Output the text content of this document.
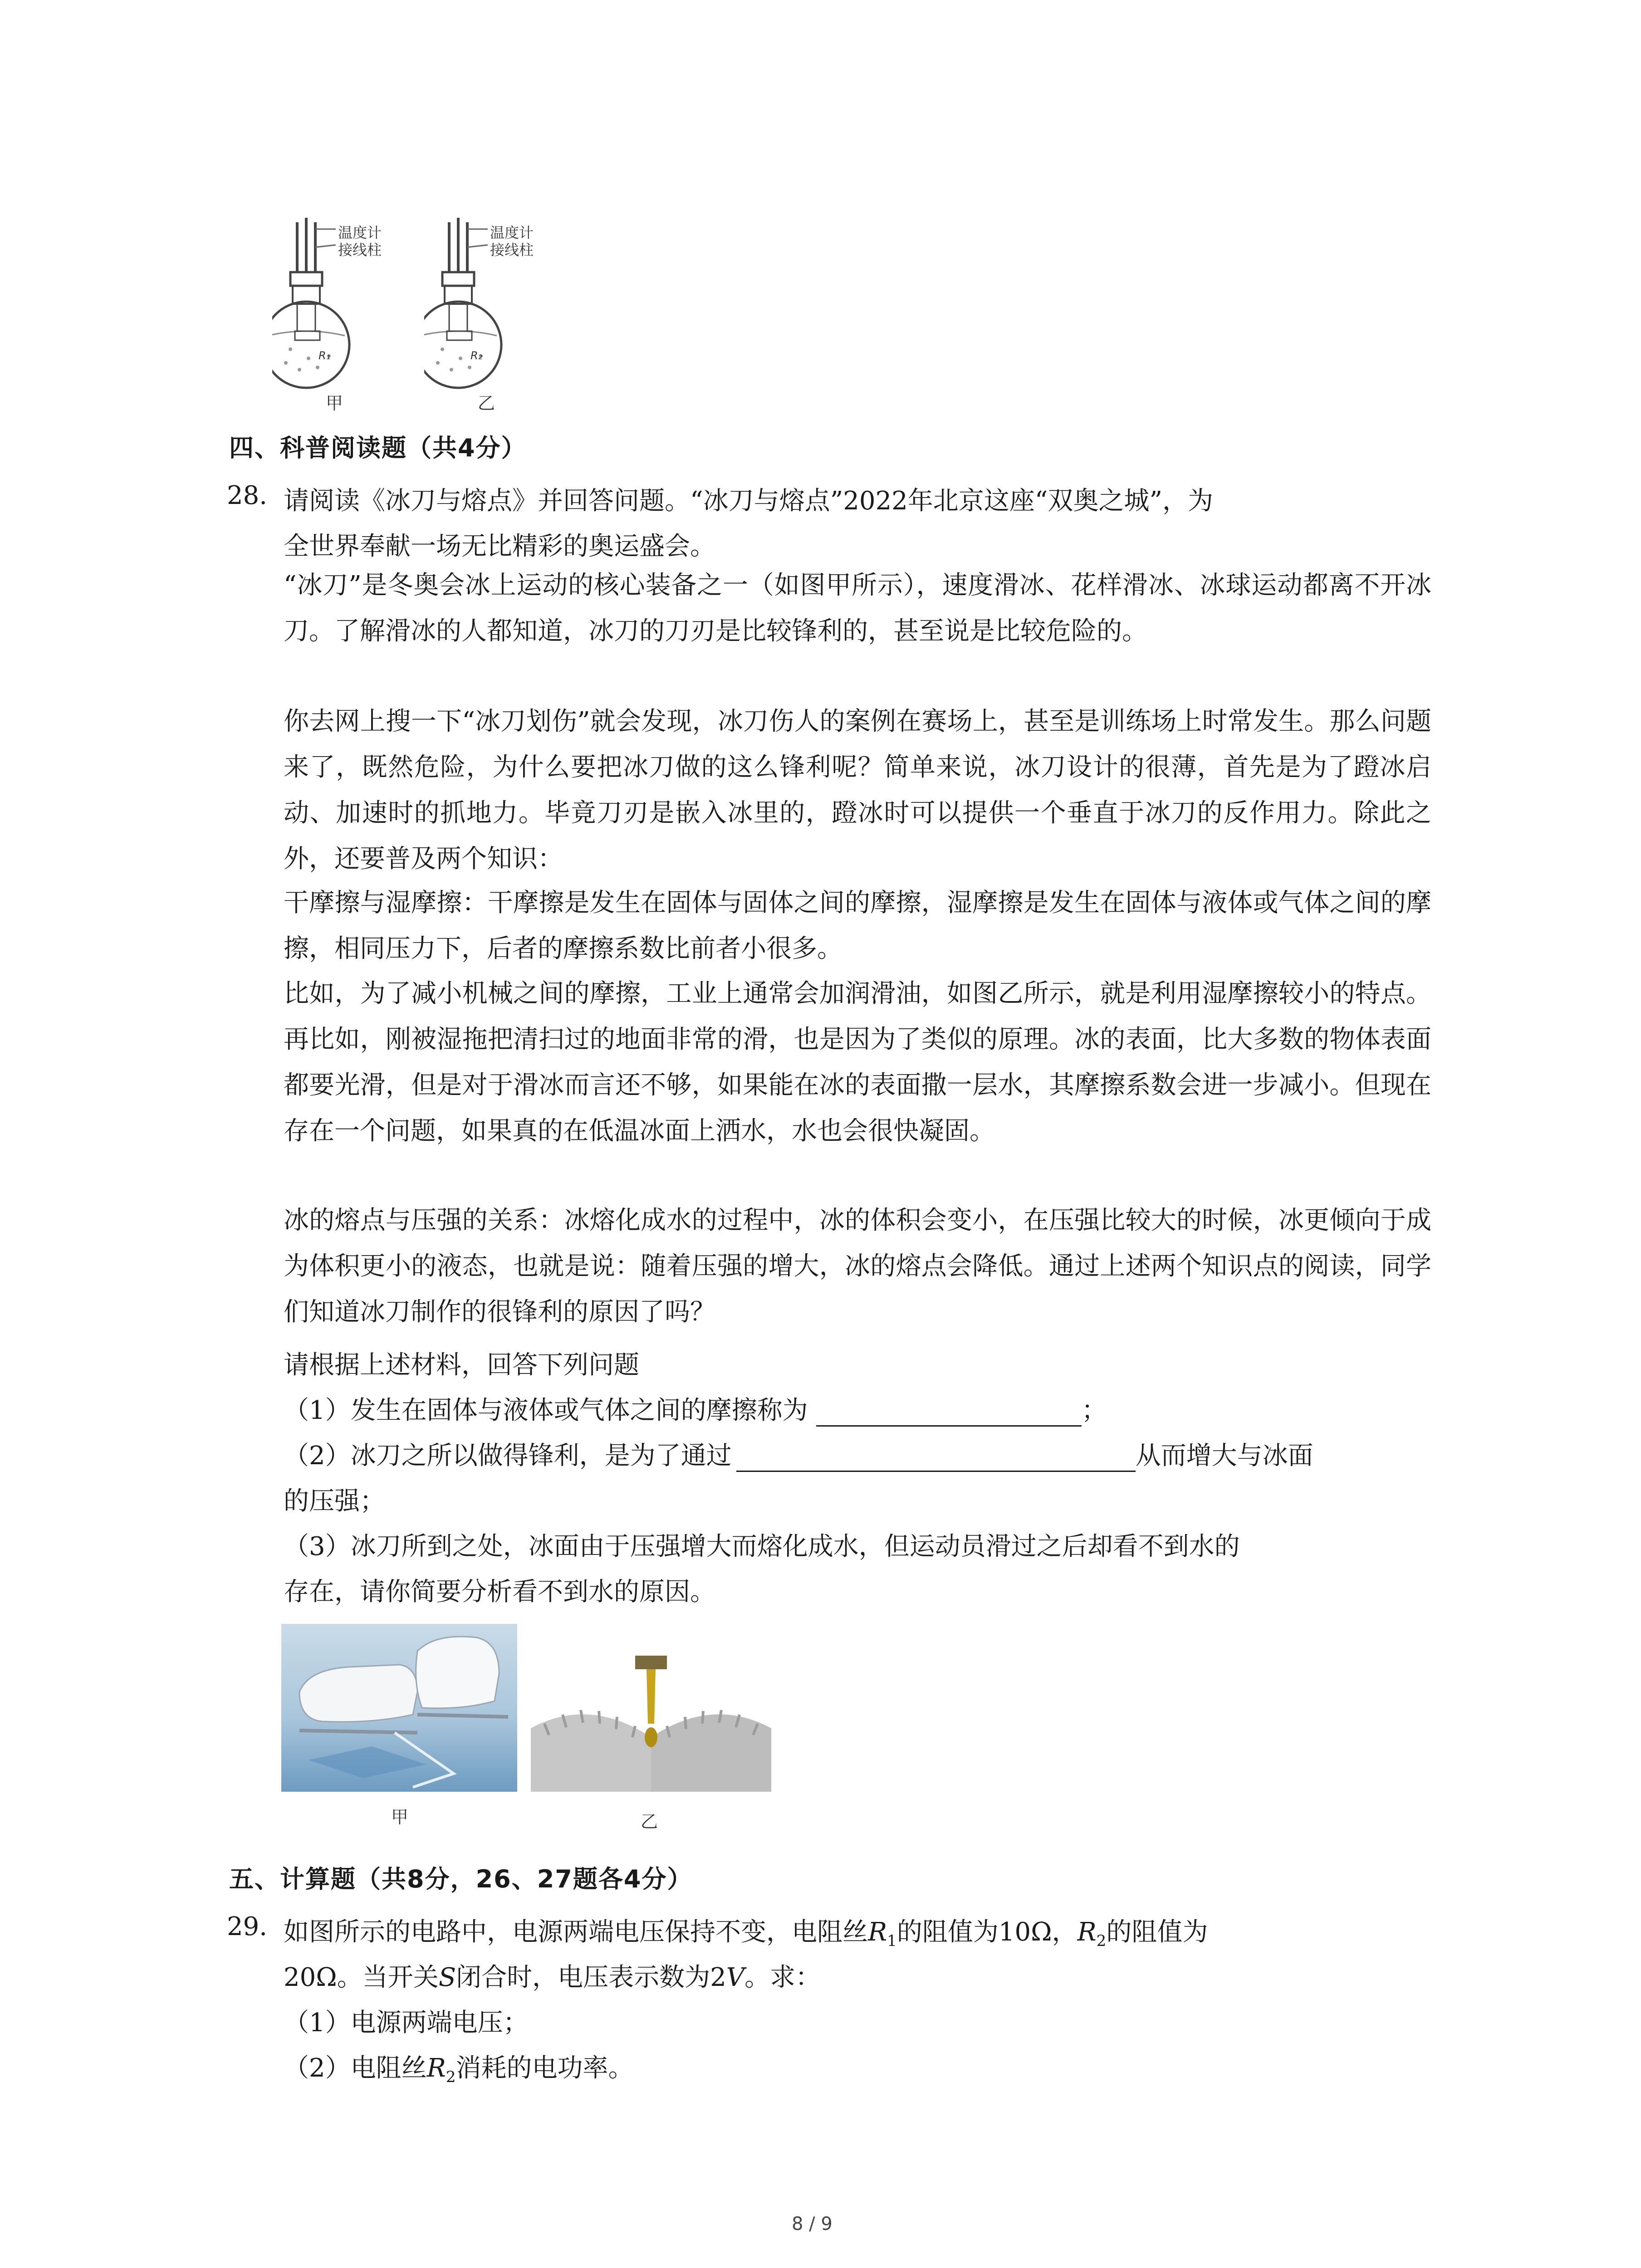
温度计
接线柱
R₁
甲
温度计
接线柱
R₂
乙
四、科普阅读题（共4分）
28. 请阅读《冰刀与熔点》并回答问题。“冰刀与熔点”2022年北京这座“双奥之城”，为
全世界奉献一场无比精彩的奥运盛会。
“冰刀”是冬奥会冰上运动的核心装备之一（如图甲所示），速度滑冰、花样滑冰、冰球运动都离不开冰刀。了解滑冰的人都知道，冰刀的刀刃是比较锋利的，甚至说是比较危险的。
你去网上搜一下“冰刀划伤”就会发现，冰刀伤人的案例在赛场上，甚至是训练场上时常发生。那么问题来了，既然危险，为什么要把冰刀做的这么锋利呢？简单来说，冰刀设计的很薄，首先是为了蹬冰启动、加速时的抓地力。毕竟刀刃是嵌入冰里的，蹬冰时可以提供一个垂直于冰刀的反作用力。除此之外，还要普及两个知识：
干摩擦与湿摩擦：干摩擦是发生在固体与固体之间的摩擦，湿摩擦是发生在固体与液体或气体之间的摩擦，相同压力下，后者的摩擦系数比前者小很多。
比如，为了减小机械之间的摩擦，工业上通常会加润滑油，如图乙所示，就是利用湿摩擦较小的特点。再比如，刚被湿拖把清扫过的地面非常的滑，也是因为了类似的原理。冰的表面，比大多数的物体表面都要光滑，但是对于滑冰而言还不够，如果能在冰的表面撒一层水，其摩擦系数会进一步减小。但现在存在一个问题，如果真的在低温冰面上洒水，水也会很快凝固。
冰的熔点与压强的关系：冰熔化成水的过程中，冰的体积会变小，在压强比较大的时候，冰更倾向于成为体积更小的液态，也就是说：随着压强的增大，冰的熔点会降低。通过上述两个知识点的阅读，同学们知道冰刀制作的很锋利的原因了吗？
请根据上述材料，回答下列问题
（1）发生在固体与液体或气体之间的摩擦称为	；
（2）冰刀之所以做得锋利，是为了通过	从而增大与冰面
的压强；
（3）冰刀所到之处，冰面由于压强增大而熔化成水，但运动员滑过之后却看不到水的
存在，请你简要分析看不到水的原因。
甲	乙
五、计算题（共8分，26、27题各4分）
29. 如图所示的电路中，电源两端电压保持不变，电阻丝$R_1$的阻值为10Ω，$R_2$的阻值为
20Ω。当开关S闭合时，电压表示数为2V。求：
（1）电源两端电压；
（2）电阻丝$R_2$消耗的电功率。
8 / 9
